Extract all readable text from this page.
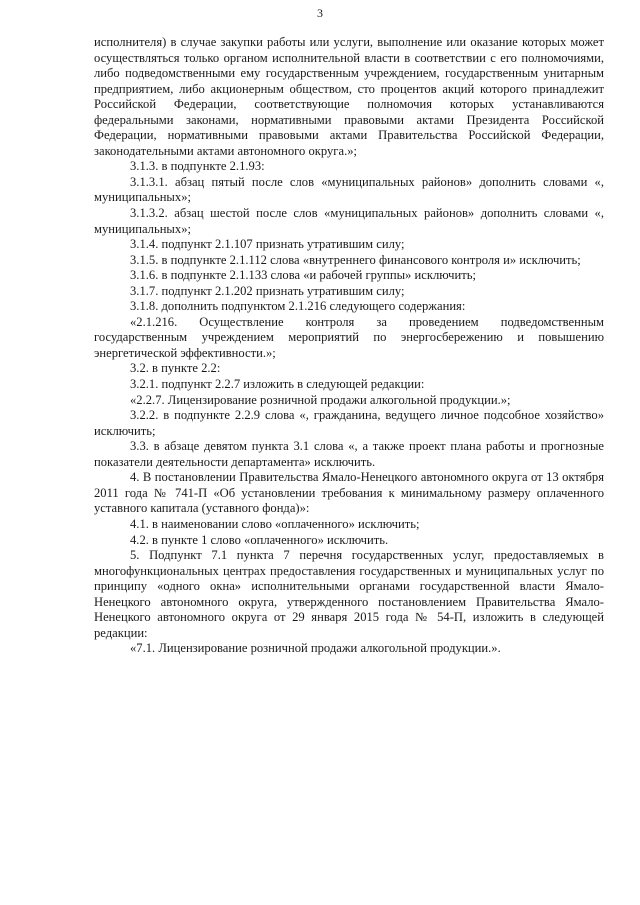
3

исполнителя) в случае закупки работы или услуги, выполнение или оказание которых может осуществляться только органом исполнительной власти в соответствии с его полномочиями, либо подведомственными ему государственным учреждением, государственным унитарным предприятием, либо акционерным обществом, сто процентов акций которого принадлежит Российской Федерации, соответствующие полномочия которых устанавливаются федеральными законами, нормативными правовыми актами Президента Российской Федерации, нормативными правовыми актами Правительства Российской Федерации, законодательными актами автономного округа.»;

3.1.3. в подпункте 2.1.93:

3.1.3.1. абзац пятый после слов «муниципальных районов» дополнить словами «, муниципальных»;

3.1.3.2. абзац шестой после слов «муниципальных районов» дополнить словами «, муниципальных»;

3.1.4. подпункт 2.1.107 признать утратившим силу;

3.1.5. в подпункте 2.1.112 слова «внутреннего финансового контроля и» исключить;

3.1.6. в подпункте 2.1.133 слова «и рабочей группы» исключить;

3.1.7. подпункт 2.1.202 признать утратившим силу;

3.1.8. дополнить подпунктом 2.1.216 следующего содержания:

«2.1.216. Осуществление контроля за проведением подведомственным государственным учреждением мероприятий по энергосбережению и повышению энергетической эффективности.»;

3.2. в пункте 2.2:

3.2.1. подпункт 2.2.7 изложить в следующей редакции:

«2.2.7. Лицензирование розничной продажи алкогольной продукции.»;

3.2.2. в подпункте 2.2.9 слова «, гражданина, ведущего личное подсобное хозяйство» исключить;

3.3. в абзаце девятом пункта 3.1 слова «, а также проект плана работы и прогнозные показатели деятельности департамента» исключить.

4. В постановлении Правительства Ямало-Ненецкого автономного округа от 13 октября 2011 года № 741-П «Об установлении требования к минимальному размеру оплаченного уставного капитала (уставного фонда)»:

4.1. в наименовании слово «оплаченного» исключить;

4.2. в пункте 1 слово «оплаченного» исключить.

5. Подпункт 7.1 пункта 7 перечня государственных услуг, предоставляемых в многофункциональных центрах предоставления государственных и муниципальных услуг по принципу «одного окна» исполнительными органами государственной власти Ямало-Ненецкого автономного округа, утвержденного постановлением Правительства Ямало-Ненецкого автономного округа от 29 января 2015 года № 54-П, изложить в следующей редакции:

«7.1. Лицензирование розничной продажи алкогольной продукции.».
